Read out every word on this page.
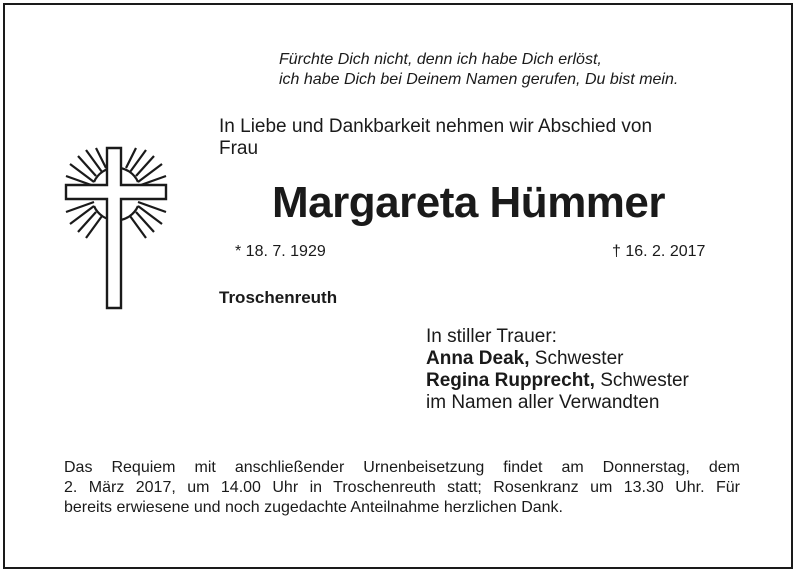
Fürchte Dich nicht, denn ich habe Dich erlöst,
ich habe Dich bei Deinem Namen gerufen, Du bist mein.
In Liebe und Dankbarkeit nehmen wir Abschied von
Frau
Margareta Hümmer
* 18. 7. 1929	† 16. 2. 2017
Troschenreuth
In stiller Trauer:
Anna Deak, Schwester
Regina Rupprecht, Schwester
im Namen aller Verwandten
Das Requiem mit anschließender Urnenbeisetzung findet am Donnerstag, dem
2. März 2017, um 14.00 Uhr in Troschenreuth statt; Rosenkranz um 13.30 Uhr. Für
bereits erwiesene und noch zugedachte Anteilnahme herzlichen Dank.
